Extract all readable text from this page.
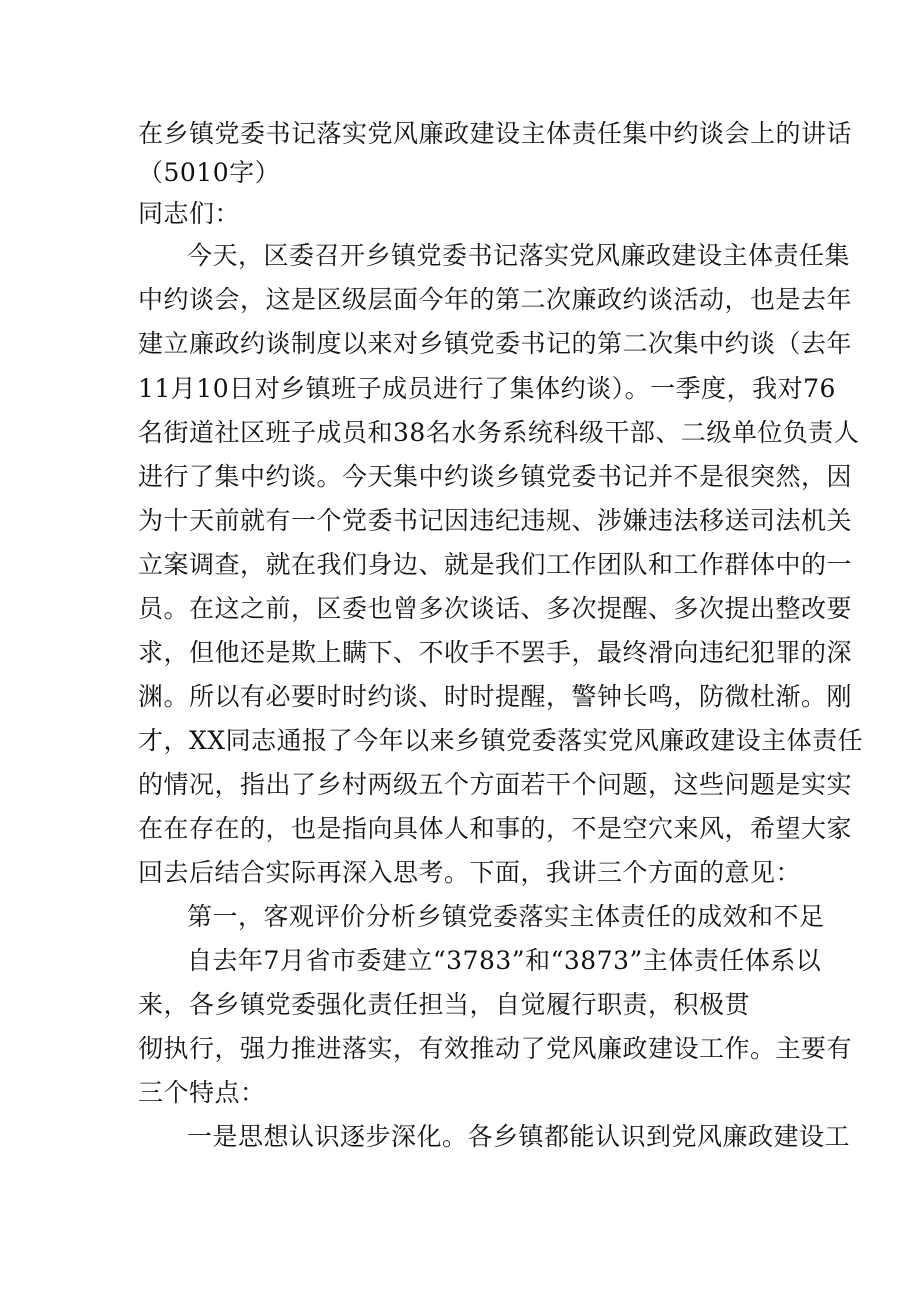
在乡镇党委书记落实党风廉政建设主体责任集中约谈会上的讲话
（5010字）
同志们：
今天，区委召开乡镇党委书记落实党风廉政建设主体责任集
中约谈会，这是区级层面今年的第二次廉政约谈活动，也是去年
建立廉政约谈制度以来对乡镇党委书记的第二次集中约谈（去年
11月10日对乡镇班子成员进行了集体约谈）。一季度，我对76
名街道社区班子成员和38名水务系统科级干部、二级单位负责人
进行了集中约谈。今天集中约谈乡镇党委书记并不是很突然，因
为十天前就有一个党委书记因违纪违规、涉嫌违法移送司法机关
立案调查，就在我们身边、就是我们工作团队和工作群体中的一
员。在这之前，区委也曾多次谈话、多次提醒、多次提出整改要
求，但他还是欺上瞒下、不收手不罢手，最终滑向违纪犯罪的深
渊。所以有必要时时约谈、时时提醒，警钟长鸣，防微杜渐。刚
才，XX同志通报了今年以来乡镇党委落实党风廉政建设主体责任
的情况，指出了乡村两级五个方面若干个问题，这些问题是实实
在在存在的，也是指向具体人和事的，不是空穴来风，希望大家
回去后结合实际再深入思考。下面，我讲三个方面的意见：
第一，客观评价分析乡镇党委落实主体责任的成效和不足
自去年7月省市委建立“3783”和“3873”主体责任体系以
来，各乡镇党委强化责任担当，自觉履行职责，积极贯
彻执行，强力推进落实，有效推动了党风廉政建设工作。主要有
三个特点：
一是思想认识逐步深化。各乡镇都能认识到党风廉政建设工
